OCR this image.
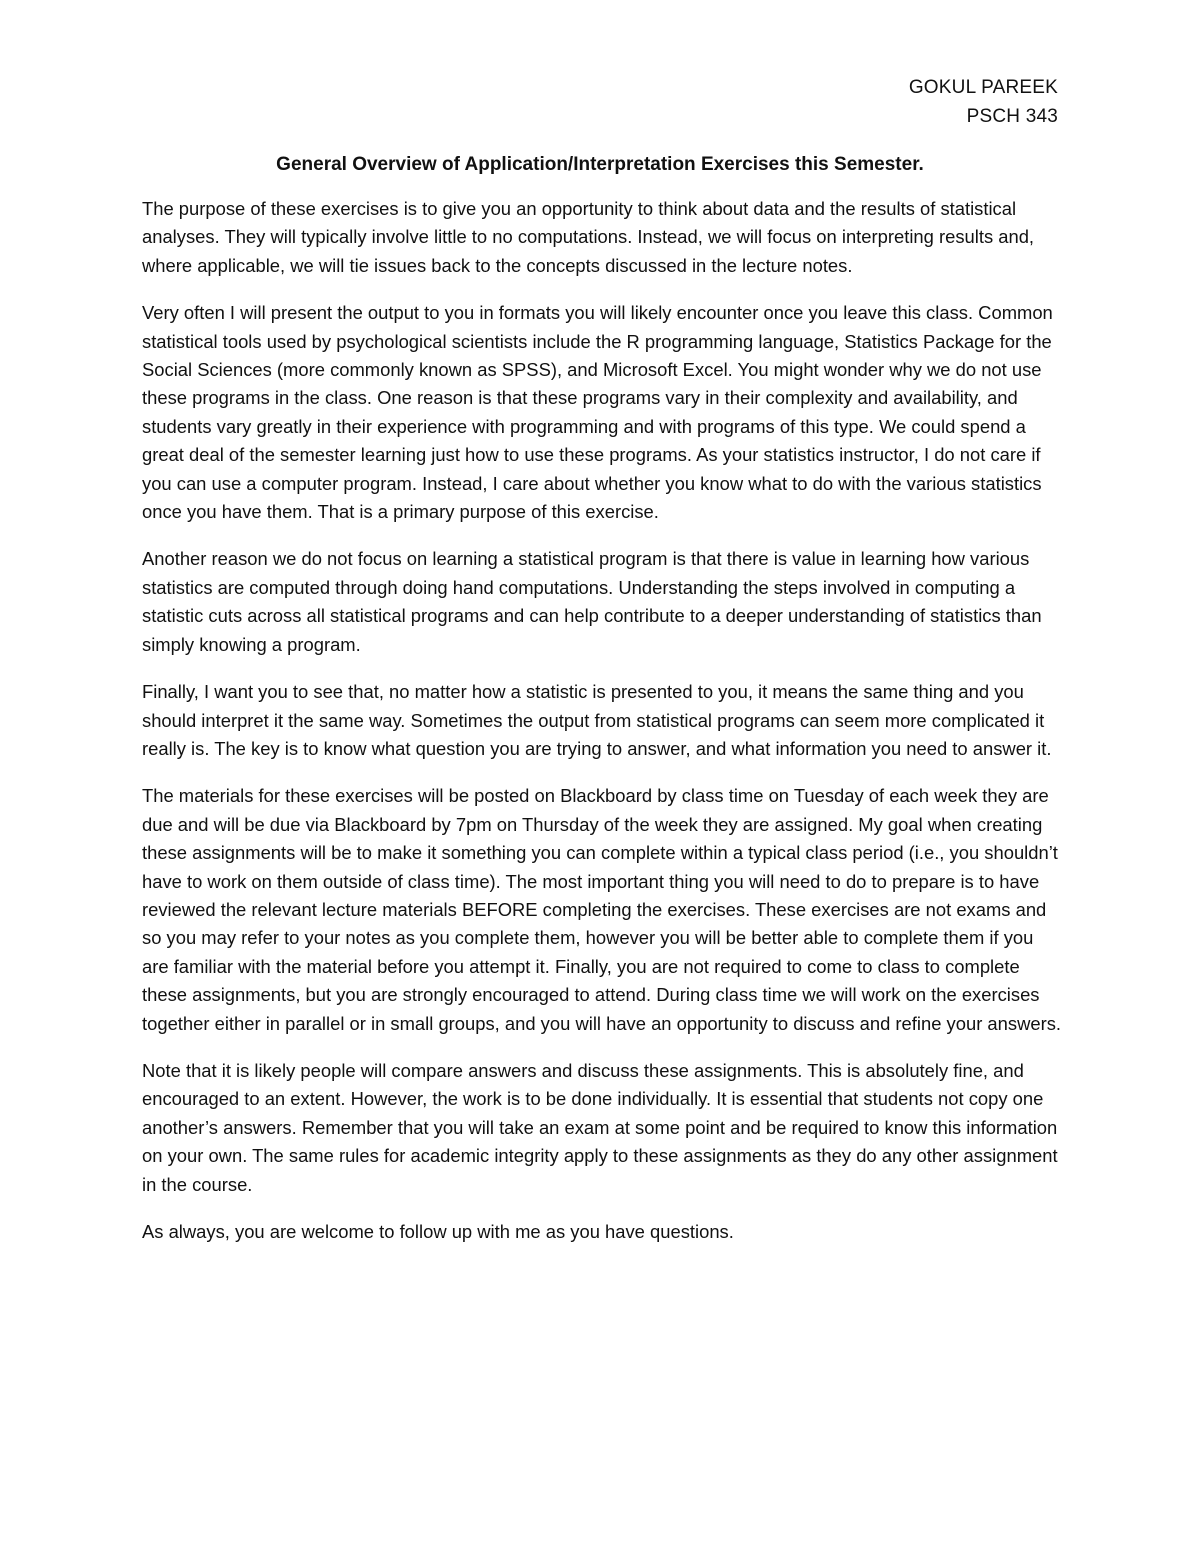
GOKUL PAREEK
PSCH 343
General Overview of Application/Interpretation Exercises this Semester.

The purpose of these exercises is to give you an opportunity to think about data and the results of statistical analyses. They will typically involve little to no computations. Instead, we will focus on interpreting results and, where applicable, we will tie issues back to the concepts discussed in the lecture notes.

Very often I will present the output to you in formats you will likely encounter once you leave this class. Common statistical tools used by psychological scientists include the R programming language, Statistics Package for the Social Sciences (more commonly known as SPSS), and Microsoft Excel. You might wonder why we do not use these programs in the class. One reason is that these programs vary in their complexity and availability, and students vary greatly in their experience with programming and with programs of this type. We could spend a great deal of the semester learning just how to use these programs. As your statistics instructor, I do not care if you can use a computer program. Instead, I care about whether you know what to do with the various statistics once you have them. That is a primary purpose of this exercise.

Another reason we do not focus on learning a statistical program is that there is value in learning how various statistics are computed through doing hand computations. Understanding the steps involved in computing a statistic cuts across all statistical programs and can help contribute to a deeper understanding of statistics than simply knowing a program.

Finally, I want you to see that, no matter how a statistic is presented to you, it means the same thing and you should interpret it the same way. Sometimes the output from statistical programs can seem more complicated it really is. The key is to know what question you are trying to answer, and what information you need to answer it.

The materials for these exercises will be posted on Blackboard by class time on Tuesday of each week they are due and will be due via Blackboard by 7pm on Thursday of the week they are assigned. My goal when creating these assignments will be to make it something you can complete within a typical class period (i.e., you shouldn’t have to work on them outside of class time). The most important thing you will need to do to prepare is to have reviewed the relevant lecture materials BEFORE completing the exercises. These exercises are not exams and so you may refer to your notes as you complete them, however you will be better able to complete them if you are familiar with the material before you attempt it. Finally, you are not required to come to class to complete these assignments, but you are strongly encouraged to attend. During class time we will work on the exercises together either in parallel or in small groups, and you will have an opportunity to discuss and refine your answers.

Note that it is likely people will compare answers and discuss these assignments. This is absolutely fine, and encouraged to an extent. However, the work is to be done individually. It is essential that students not copy one another’s answers. Remember that you will take an exam at some point and be required to know this information on your own. The same rules for academic integrity apply to these assignments as they do any other assignment in the course.

As always, you are welcome to follow up with me as you have questions.
